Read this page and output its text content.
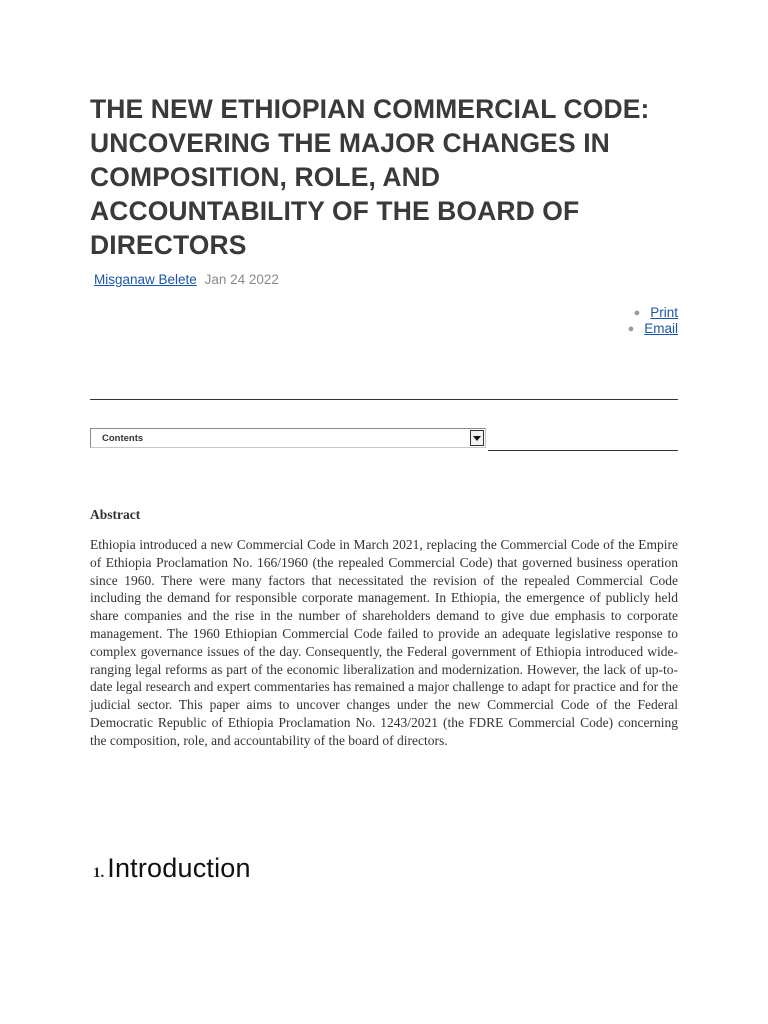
THE NEW ETHIOPIAN COMMERCIAL CODE: UNCOVERING THE MAJOR CHANGES IN COMPOSITION, ROLE, AND ACCOUNTABILITY OF THE BOARD OF DIRECTORS
Misganaw Belete Jan 24 2022
● Print
● Email
Contents
Abstract

Ethiopia introduced a new Commercial Code in March 2021, replacing the Commercial Code of the Empire of Ethiopia Proclamation No. 166/1960 (the repealed Commercial Code) that governed business operation since 1960. There were many factors that necessitated the revision of the repealed Commercial Code including the demand for responsible corporate management. In Ethiopia, the emergence of publicly held share companies and the rise in the number of shareholders demand to give due emphasis to corporate management. The 1960 Ethiopian Commercial Code failed to provide an adequate legislative response to complex governance issues of the day. Consequently, the Federal government of Ethiopia introduced wide-ranging legal reforms as part of the economic liberalization and modernization. However, the lack of up-to-date legal research and expert commentaries has remained a major challenge to adapt for practice and for the judicial sector. This paper aims to uncover changes under the new Commercial Code of the Federal Democratic Republic of Ethiopia Proclamation No. 1243/2021 (the FDRE Commercial Code) concerning the composition, role, and accountability of the board of directors.

1. Introduction
